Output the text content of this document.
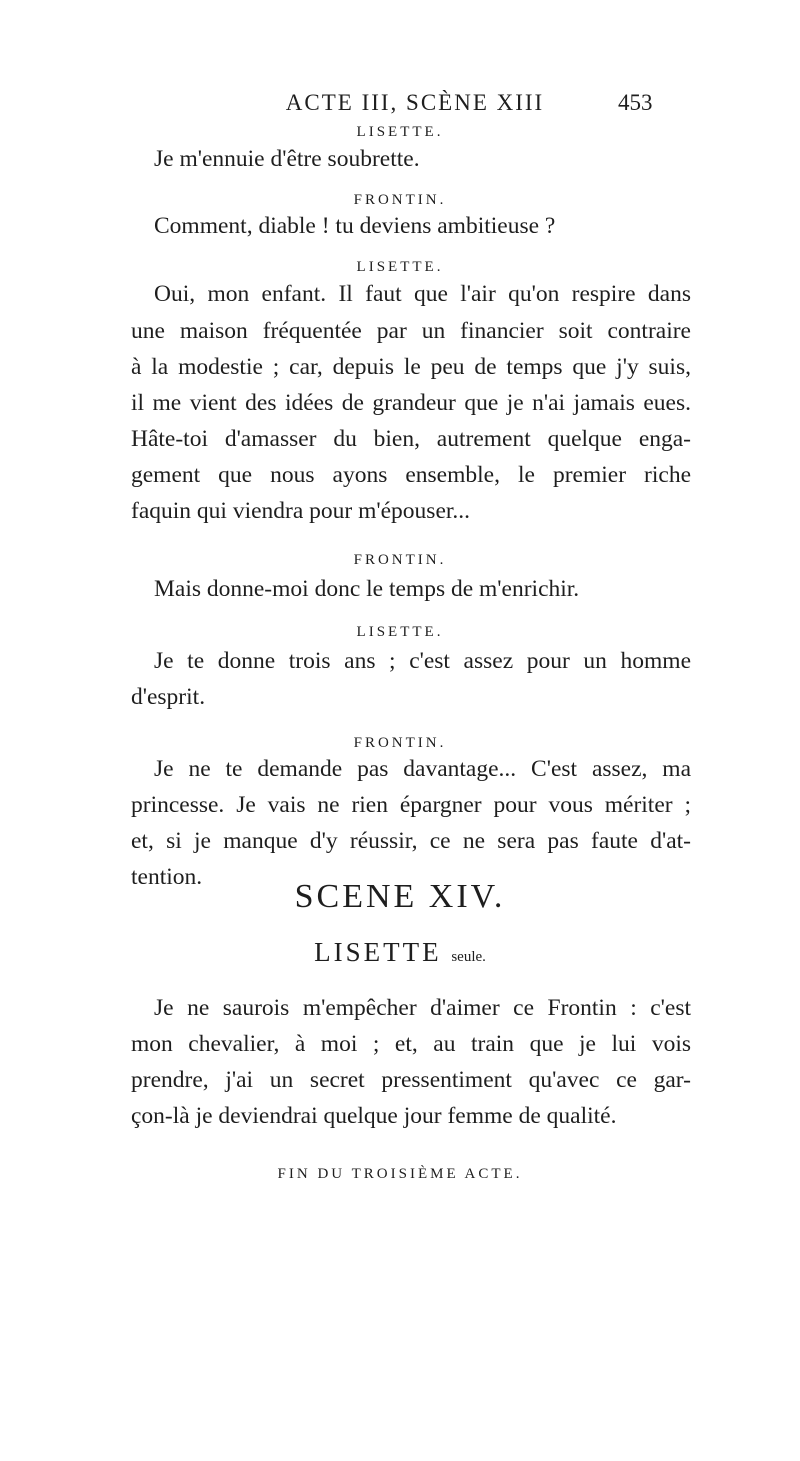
ACTE III, SCÈNE XIII	453
LISETTE.
Je m'ennuie d'être soubrette.
FRONTIN.
Comment, diable ! tu deviens ambitieuse ?
LISETTE.
Oui, mon enfant. Il faut que l'air qu'on respire dans
une maison fréquentée par un financier soit contraire
à la modestie ; car, depuis le peu de temps que j'y suis,
il me vient des idées de grandeur que je n'ai jamais eues.
Hâte-toi d'amasser du bien, autrement quelque enga-
gement que nous ayons ensemble, le premier riche
faquin qui viendra pour m'épouser...
FRONTIN.
Mais donne-moi donc le temps de m'enrichir.
LISETTE.
Je te donne trois ans ; c'est assez pour un homme
d'esprit.
FRONTIN.
Je ne te demande pas davantage... C'est assez, ma
princesse. Je vais ne rien épargner pour vous mériter ;
et, si je manque d'y réussir, ce ne sera pas faute d'at-
tention.
SCENE XIV.
LISETTE seule.
Je ne saurois m'empêcher d'aimer ce Frontin : c'est
mon chevalier, à moi ; et, au train que je lui vois
prendre, j'ai un secret pressentiment qu'avec ce gar-
çon-là je deviendrai quelque jour femme de qualité.
FIN DU TROISIÈME ACTE.
